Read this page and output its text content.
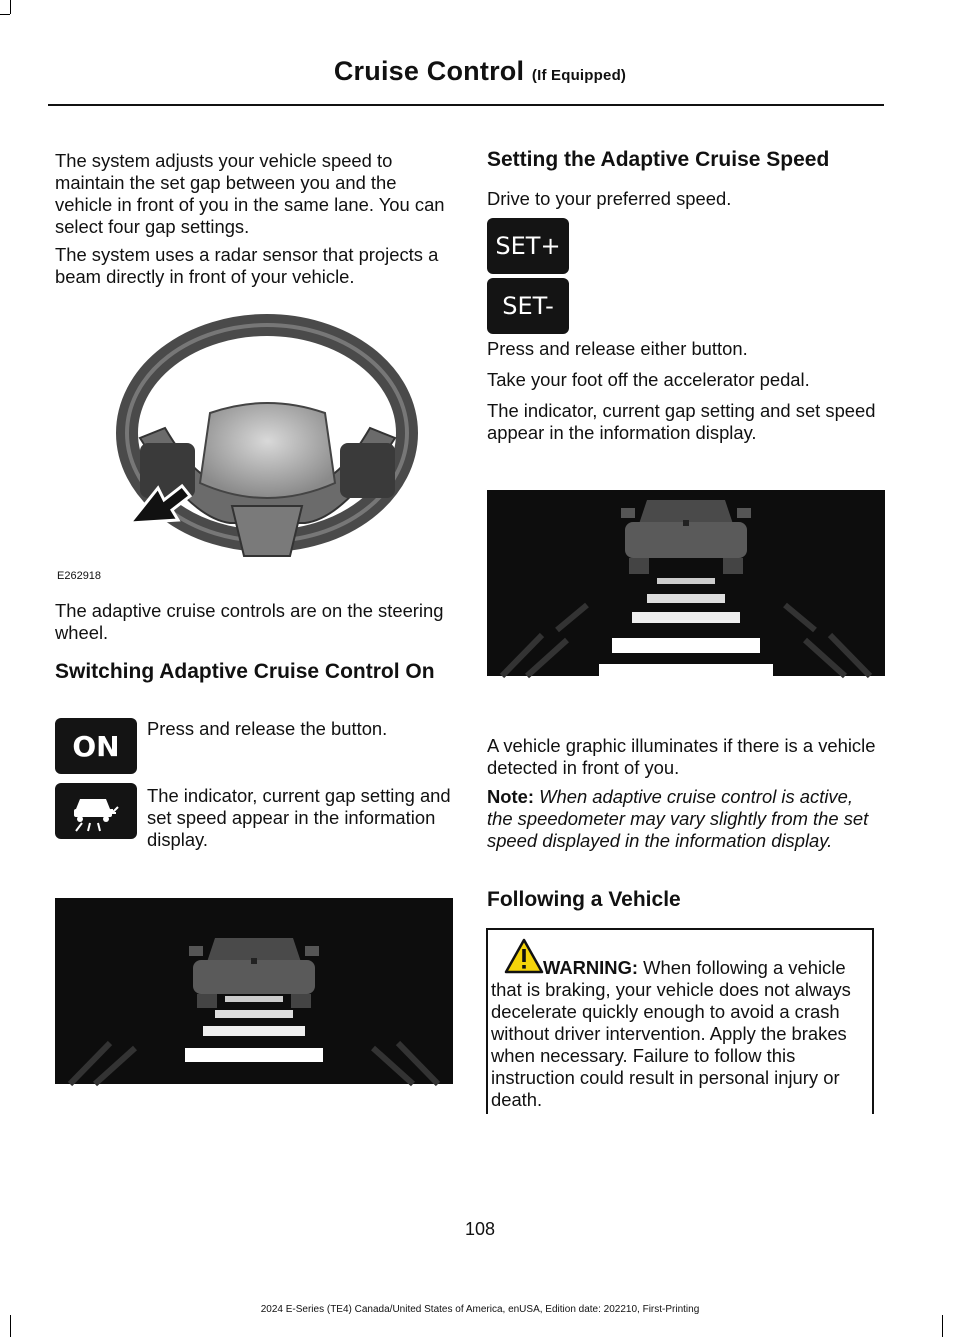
Cruise Control (If Equipped)

The system adjusts your vehicle speed to maintain the set gap between you and the vehicle in front of you in the same lane. You can select four gap settings.

The system uses a radar sensor that projects a beam directly in front of your vehicle.

E262918

The adaptive cruise controls are on the steering wheel.

Switching Adaptive Cruise Control On
ON

Press and release the button.

The indicator, current gap setting and set speed appear in the information display.

Setting the Adaptive Cruise Speed

Drive to your preferred speed.

SET+
SET-

Press and release either button.

Take your foot off the accelerator pedal.

The indicator, current gap setting and set speed appear in the information display.

A vehicle graphic illuminates if there is a vehicle detected in front of you.

Note: When adaptive cruise control is active, the speedometer may vary slightly from the set speed displayed in the information display.

Following a Vehicle

WARNING: When following a vehicle that is braking, your vehicle does not always decelerate quickly enough to avoid a crash without driver intervention. Apply the brakes when necessary. Failure to follow this instruction could result in personal injury or death.

108
2024 E-Series (TE4) Canada/United States of America, enUSA, Edition date: 202210, First-Printing
